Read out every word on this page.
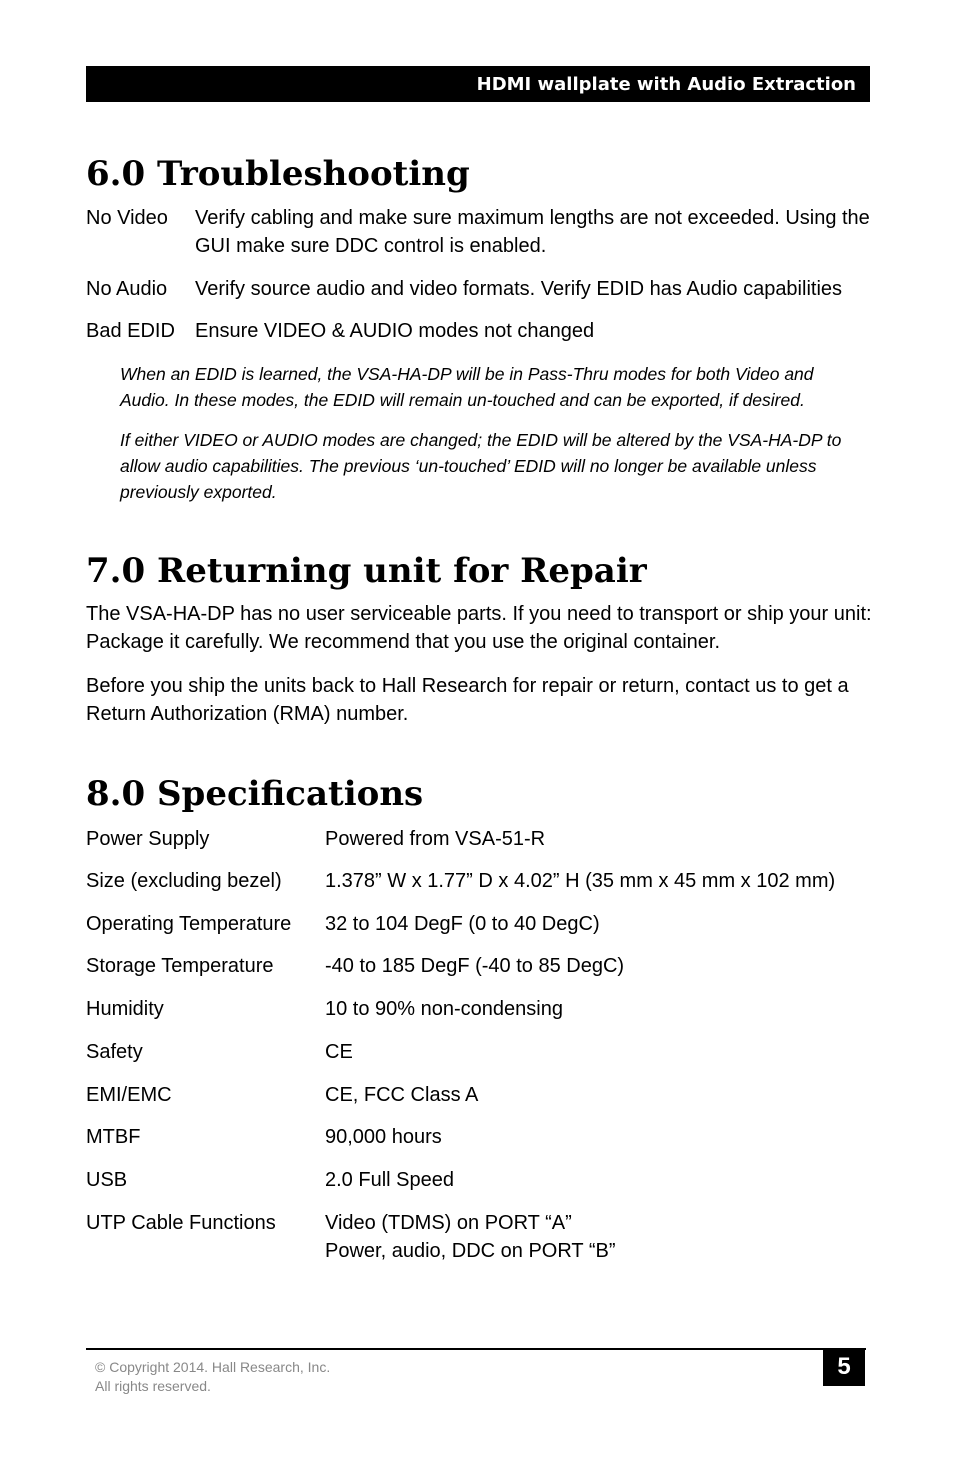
HDMI wallplate with Audio Extraction
6.0 Troubleshooting
No Video Verify cabling and make sure maximum lengths are not exceeded. Using the
GUI make sure DDC control is enabled.
No Audio Verify source audio and video formats. Verify EDID has Audio capabilities
Bad EDID Ensure VIDEO & AUDIO modes not changed
When an EDID is learned, the VSA-HA-DP will be in Pass-Thru modes for both Video and Audio. In these modes, the EDID will remain un-touched and can be exported, if desired.
If either VIDEO or AUDIO modes are changed; the EDID will be altered by the VSA-HA-DP to allow audio capabilities. The previous ‘un-touched’ EDID will no longer be available unless previously exported.
7.0 Returning unit for Repair
The VSA-HA-DP has no user serviceable parts. If you need to transport or ship your unit: Package it carefully. We recommend that you use the original container.
Before you ship the units back to Hall Research for repair or return, contact us to get a Return Authorization (RMA) number.
8.0 Specifications
Power Supply	Powered from VSA-51-R
Size (excluding bezel) 1.378” W x 1.77” D x 4.02” H (35 mm x 45 mm x 102 mm)
Operating Temperature 32 to 104 DegF (0 to 40 DegC)
Storage Temperature	-40 to 185 DegF (-40 to 85 DegC)
Humidity	10 to 90% non-condensing
Safety	CE
EMI/EMC	CE, FCC Class A
MTBF	90,000 hours
USB	2.0 Full Speed
UTP Cable Functions Video (TDMS) on PORT “A”
Power, audio, DDC on PORT “B”
© Copyright 2014. Hall Research, Inc.
All rights reserved.
5
